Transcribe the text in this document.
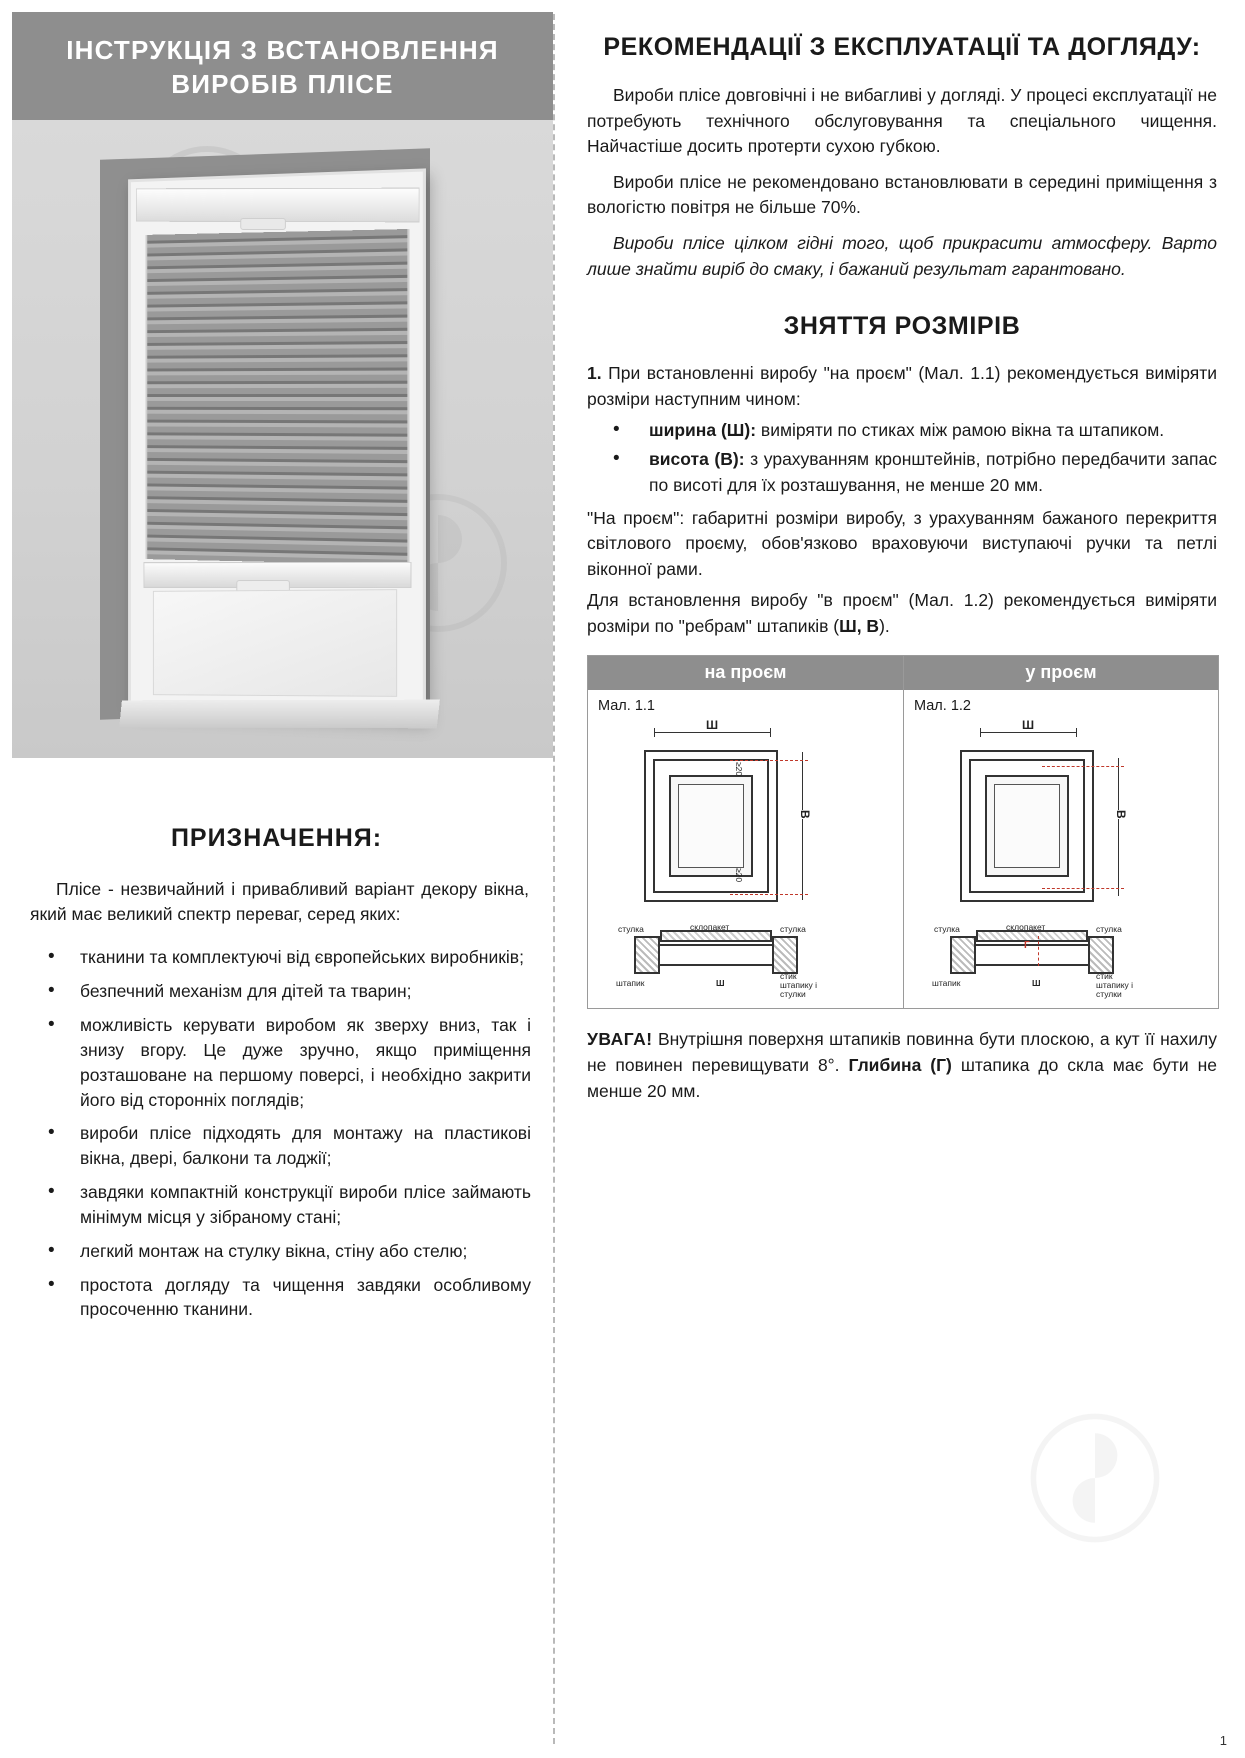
ІНСТРУКЦІЯ З ВСТАНОВЛЕННЯ ВИРОБІВ ПЛІСЕ
ПРИЗНАЧЕННЯ:

Пліcе - незвичайний і привабливий варіант декору вікна, який має великий спектр переваг, серед яких:

• тканини та комплектуючі від європейських виробників;
• безпечний механізм для дітей та тварин;
• можливість керувати виробом як зверху вниз, так і знизу вгору. Це дуже зручно, якщо приміщення розташоване на першому поверсі, і необхідно закрити його від сторонніх поглядів;
• вироби пліcе підходять для монтажу на пластикові вікна, двері, балкони та лоджії;
• завдяки компактній конструкції вироби пліcе займають мінімум місця у зібраному стані;
• легкий монтаж на стулку вікна, стіну або стелю;
• простота догляду та чищення завдяки особливому просоченню тканини.
РЕКОМЕНДАЦІЇ З ЕКСПЛУАТАЦІЇ ТА ДОГЛЯДУ:

Вироби пліcе довговічні і не вибагливі у догляді. У процесі експлуатації не потребують технічного обслуговування та спеціального чищення. Найчастіше досить протерти сухою губкою.

Вироби пліcе не рекомендовано встановлювати в середині приміщення з вологістю повітря не більше 70%.

Вироби пліcе цілком гідні того, щоб прикрасити атмосферу. Варто лише знайти виріб до смаку, і бажаний результат гарантовано.

ЗНЯТТЯ РОЗМІРІВ

1. При встановленні виробу "на проєм" (Мал. 1.1) рекомендується виміряти розміри наступним чином:

• ширина (Ш): виміряти по стиках між рамою вікна та штапиком.
• висота (В): з урахуванням кронштейнів, потрібно передбачити запас по висоті для їх розташування, не менше 20 мм.

"На проєм": габаритні розміри виробу, з урахуванням бажаного перекриття світлового проєму, обов'язково враховуючи виступаючі ручки та петлі віконної рами.

Для встановлення виробу "в проєм" (Мал. 1.2) рекомендується виміряти розміри по "ребрам" штапиків (Ш, В).

на проєм
Мал. 1.1
Ш
В
≥20
≥20
стулка	склопакет	стулка
штапик	Ш
стик штапику і стулки
у проєм
Мал. 1.2
Ш
В
стулка	склопакет	стулка
штапик	Ш
стик штапику і стулки
Г

УВАГА! Внутрішня поверхня штапиків повинна бути плоскою, а кут її нахилу не повинен перевищувати 8°. Глибина (Г) штапика до скла має бути не менше 20 мм.

1
